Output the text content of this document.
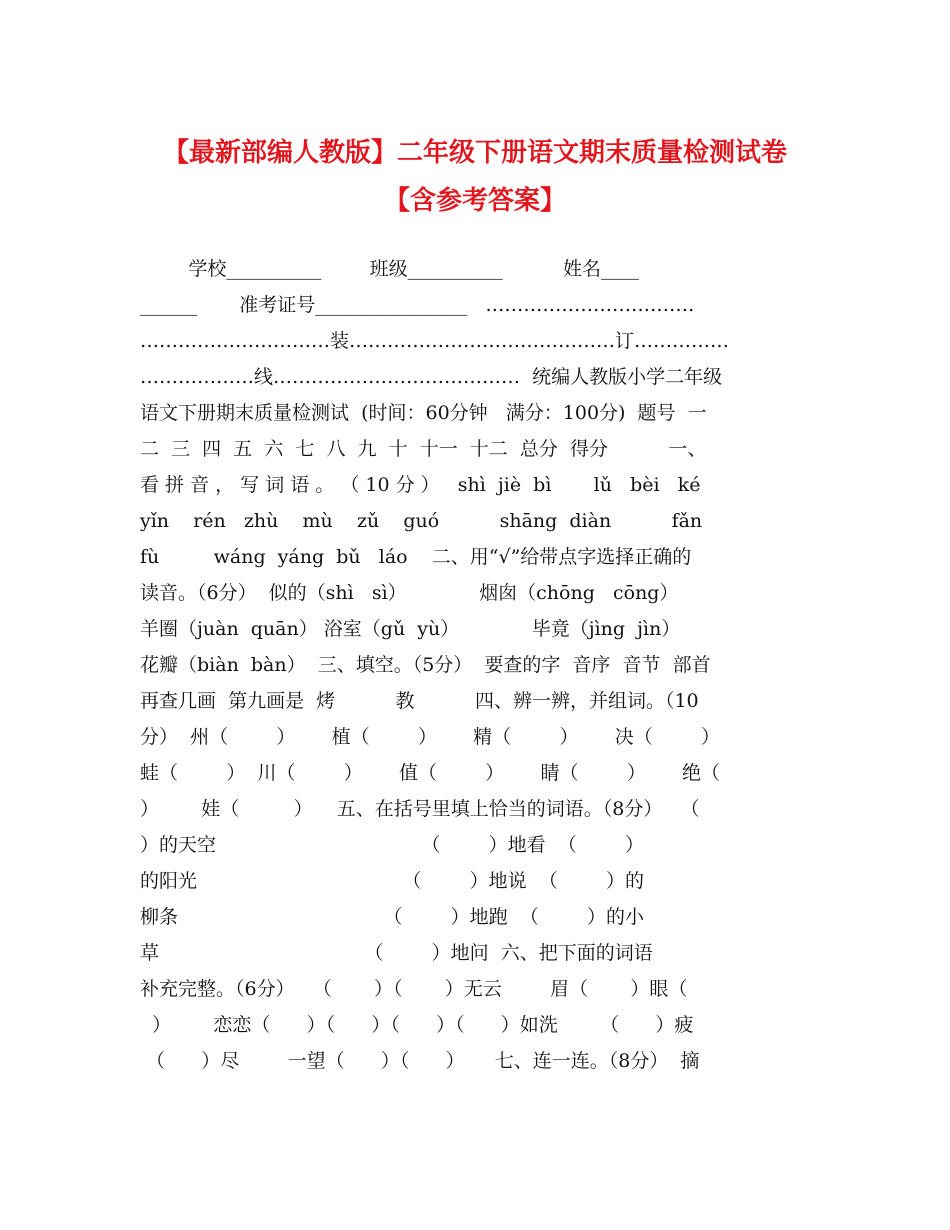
【最新部编人教版】二年级下册语文期末质量检测试卷
【含参考答案】
学校__________        班级__________          姓名____
______       准考证号________________   ……………………………
…………………………装……………………………………订……………
………………线…………………………………  统编人教版小学二年级
语文下册期末质量检测试  (时间：60分钟   满分：100分)  题号  一
二  三  四  五  六  七  八  九  十  十一  十二  总分  得分          一、
看 拼 音 ， 写 词 语 。 （ 10 分 ）   shì  jiè  bì       lǔ   bèi   ké
yǐn    rén   zhù    mù    zǔ    guó          shāng  diàn          fǎn
fù         wáng  yáng  bǔ   láo    二、用“√”给带点字选择正确的
读音。（6分）  似的（shì   sì）            烟囱（chōng   cōng）
羊圈（juàn  quān） 浴室（gǔ  yù）            毕竟（jìng  jìn）
花瓣（biàn  bàn）  三、填空。（5分）  要查的字  音序  音节  部首
再查几画  第九画是  烤          教          四、辨一辨，并组词。（10
分）  州（        ）      植（        ）      精（        ）      决（        ）
蛙（        ）  川（        ）      值（        ）      睛（        ）      绝（
）       娃（         ）    五、在括号里填上恰当的词语。（8分）   （
）的天空                                  （        ）地看  （        ）
的阳光                                  （        ）地说  （        ）的
柳条                                  （        ）地跑  （        ）的小
草                                  （        ）地问  六、把下面的词语
补充完整。（6分）   （       ）（       ）无云        眉（       ）眼（
）       恋恋（      ）（      ）（      ）（      ）如洗       （      ）疲
（      ）尽        一望（      ）（      ）     七、连一连。（8分）  摘
